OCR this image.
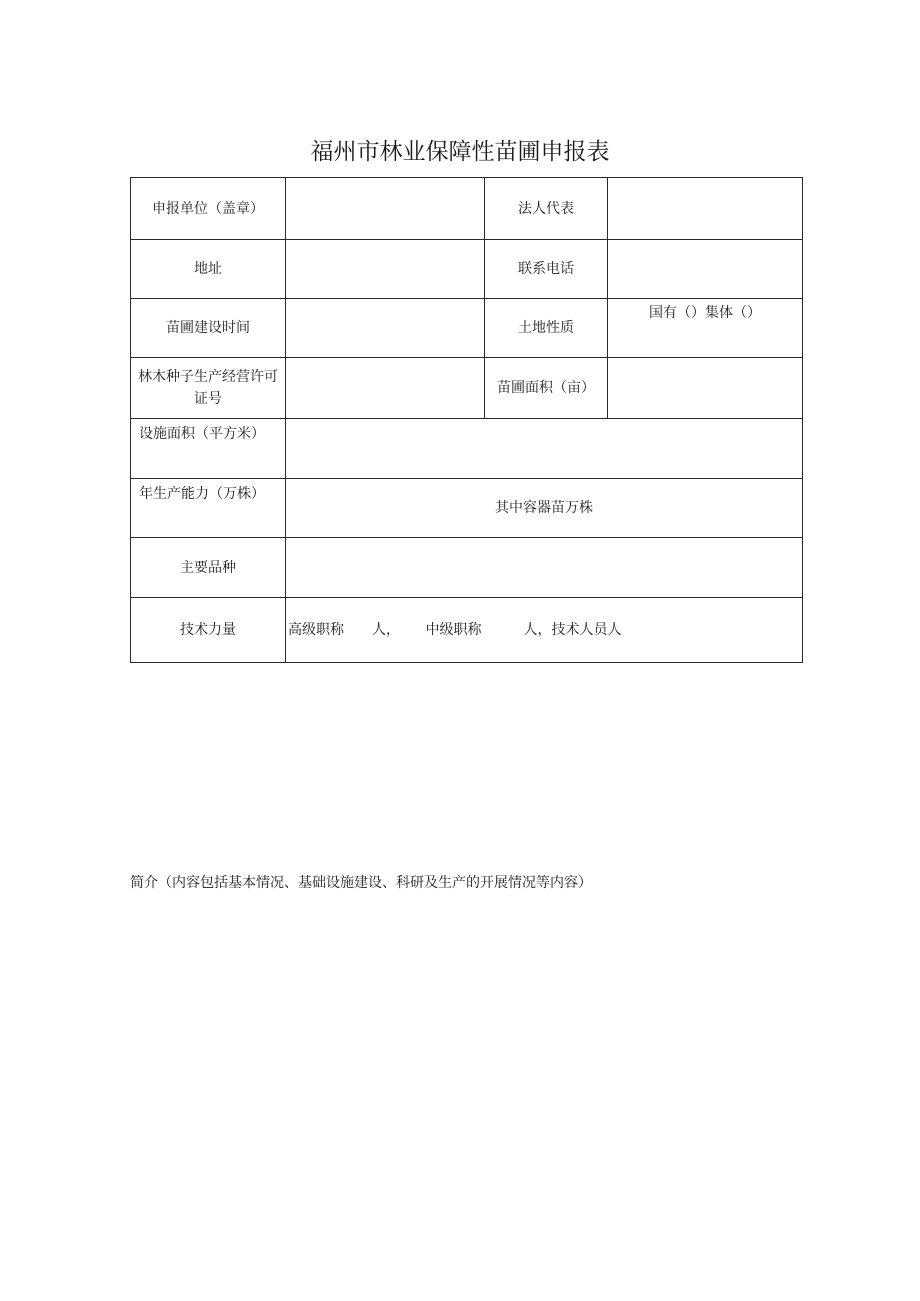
福州市林业保障性苗圃申报表
申报单位（盖章）		法人代表	
地址		联系电话	
苗圃建设时间		土地性质	国有（）集体（）
林木种子生产经营许可证号		苗圃面积（亩）	
设施面积（平方米）			
年生产能力（万株）	其中容器苗万株		
主要品种			
技术力量	高级职称　　人，　　 中级职称　　　人，技术人员人		
简介（内容包括基本情况、基础设施建设、科研及生产的开展情况等内容）
